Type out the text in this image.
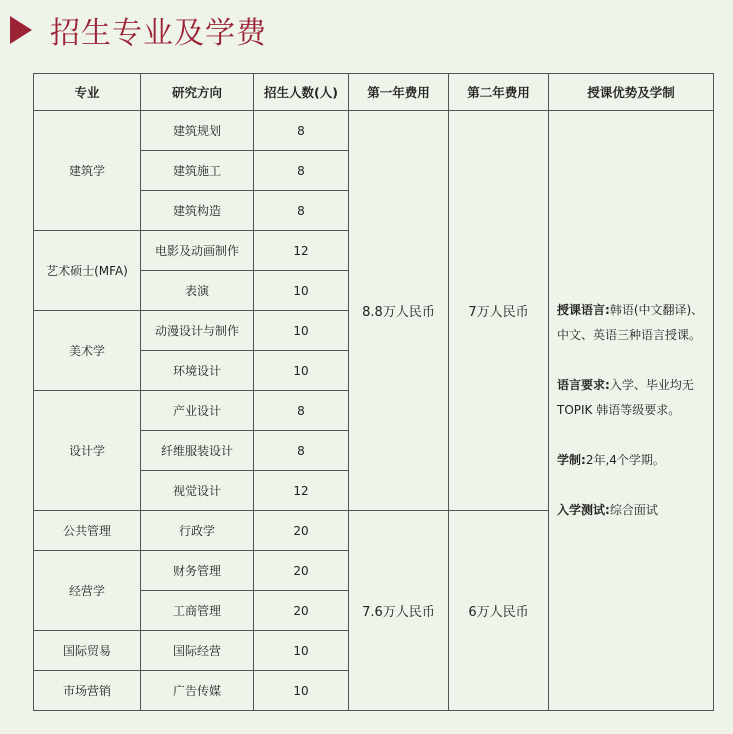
招生专业及学费
专业	研究方向	招生人数(人)	第一年费用	第二年费用	授课优势及学制
建筑学	建筑规划	8	8.8万人民币	7万人民币	授课语言:韩语(中文翻译)、中文、英语三种语言授课。
语言要求:入学、毕业均无 TOPIK 韩语等级要求。
学制:2年,4个学期。
入学测试:综合面试

	建筑施工	8			
	建筑构造	8			
艺术硕士(MFA)	电影及动画制作	12			
	表演	10			
美术学	动漫设计与制作	10			
	环境设计	10			
设计学	产业设计	8			
	纤维服装设计	8			
	视觉设计	12			
公共管理	行政学	20	7.6万人民币	6万人民币	
经营学	财务管理	20			
	工商管理	20			
国际贸易	国际经营	10			
市场营销	广告传媒	10			
